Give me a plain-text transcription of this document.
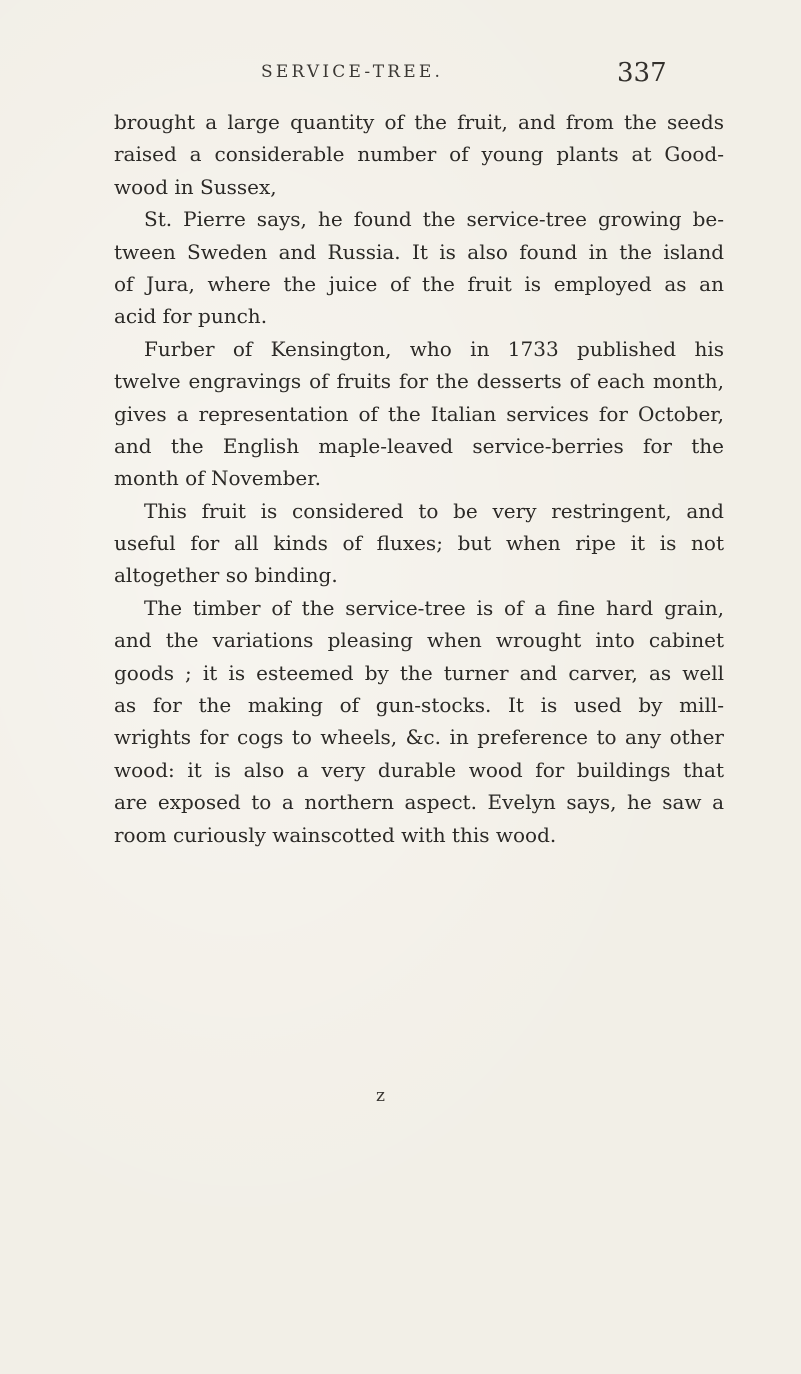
SERVICE-TREE.	337
brought a large quantity of the fruit, and from the seeds
raised a considerable number of young plants at Good-
wood in Sussex,
St. Pierre says, he found the service-tree growing be-
tween Sweden and Russia. It is also found in the island
of Jura, where the juice of the fruit is employed as an
acid for punch.
Furber of Kensington, who in 1733 published his
twelve engravings of fruits for the desserts of each month,
gives a representation of the Italian services for October,
and the English maple-leaved service-berries for the
month of November.
This fruit is considered to be very restringent, and
useful for all kinds of fluxes; but when ripe it is not
altogether so binding.
The timber of the service-tree is of a fine hard grain,
and the variations pleasing when wrought into cabinet
goods ; it is esteemed by the turner and carver, as well
as for the making of gun-stocks. It is used by mill-
wrights for cogs to wheels, &c. in preference to any other
wood: it is also a very durable wood for buildings that
are exposed to a northern aspect. Evelyn says, he saw a
room curiously wainscotted with this wood.
z
